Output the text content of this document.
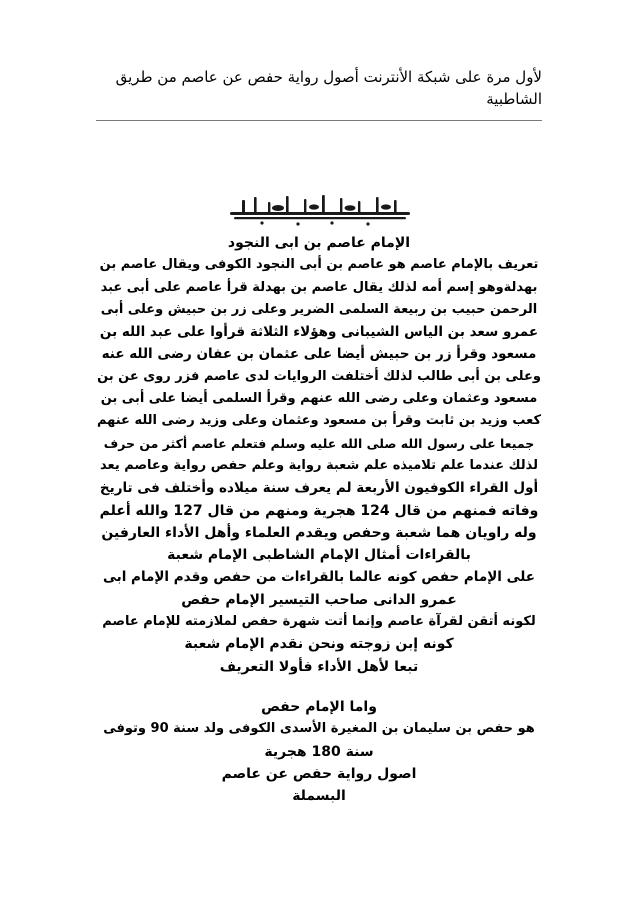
لأول مرة على شبكة الأنترنت أصول رواية حفص عن عاصم من طريق
الشاطبية
الإمام عاصم بن ابى النجود
تعريف بالإمام عاصم هو عاصم بن أبى النجود الكوفى ويقال عاصم بن
بهدلةوهو إسم أمه لذلك يقال عاصم بن بهدلة قرأ عاصم على أبى عبد
الرحمن حبيب بن ربيعة السلمى الضرير وعلى زر بن حبيش وعلى أبى
عمرو سعد بن الياس الشيبانى وهؤلاء الثلاثة قرأوا على عبد الله بن
مسعود وقرأ زر بن حبيش أيضا على عثمان بن عفان رضى الله عنه
وعلى بن أبى طالب لذلك أختلفت الروايات لدى عاصم فزر روى عن بن
مسعود وعثمان وعلى رضى الله عنهم وقرأ السلمى أيضا على أبى بن
كعب وزيد بن ثابت وقرأ بن مسعود وعثمان وعلى وزيد رضى الله عنهم
جميعا على رسول الله صلى الله عليه وسلم فتعلم عاصم أكثر من حرف
لذلك عندما علم تلاميذه علم شعبة رواية وعلم حفص رواية وعاصم يعد
أول القراء الكوفيون الأربعة لم يعرف سنة ميلاده وأختلف فى تاريخ
وفاته فمنهم من قال 124 هجرية ومنهم من قال 127 والله أعلم
وله راويان هما شعبة وحفص ويقدم العلماء وأهل الأداء العارفين
بالقراءات أمثال الإمام الشاطبى الإمام شعبة
على الإمام حفص كونه عالما بالقراءات من حفص وقدم الإمام ابى
عمرو الدانى صاحب التيسير الإمام حفص
لكونه أتقن لقرآة عاصم وإنما أتت شهرة حفص لملازمته للإمام عاصم
كونه إبن زوجته ونحن نقدم الإمام شعبة
تبعا لأهل الأداء فأولا التعريف
واما الإمام حفص
هو حفص بن سليمان بن المغيرة الأسدى الكوفى ولد سنة 90 وتوفى
سنة 180 هجرية
اصول رواية حفص عن عاصم
البسملة
